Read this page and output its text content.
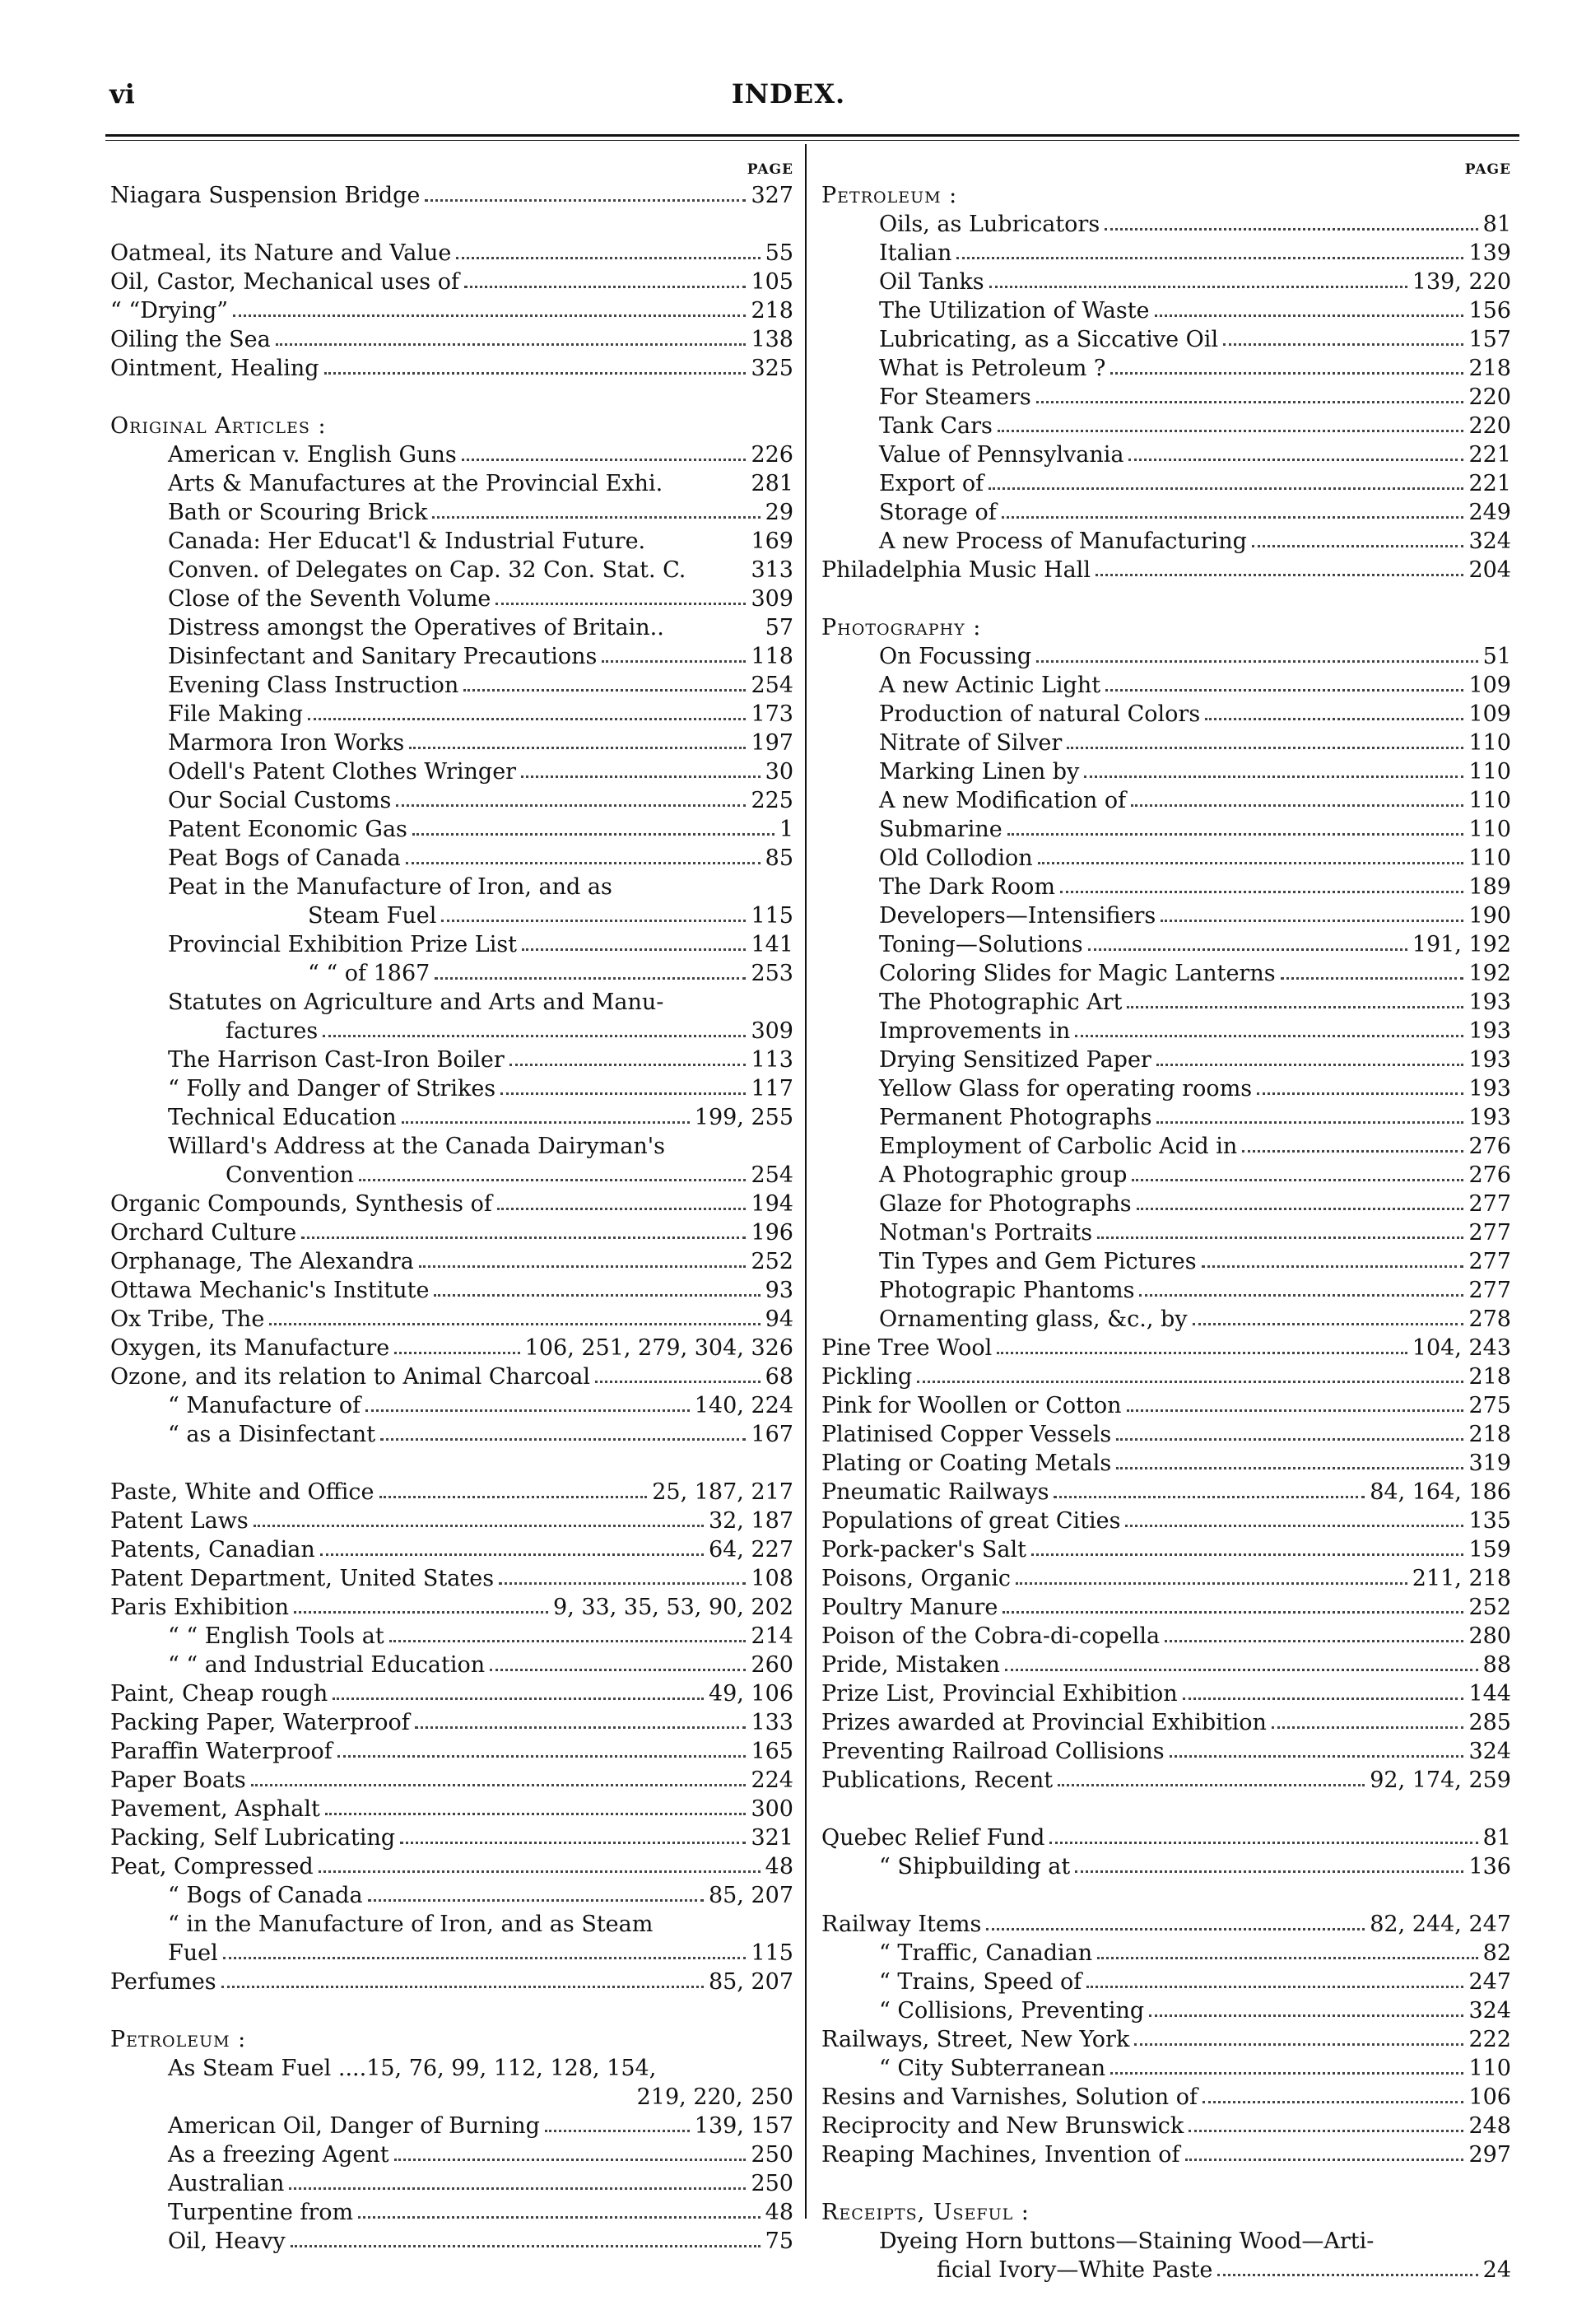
INDEX.
vi
PAGE
Niagara Suspension Bridge	327
Oatmeal, its Nature and Value	55
Oil, Castor, Mechanical uses of	105
“ “Drying”	218
Oiling the Sea	138
Ointment, Healing	325
Original Articles :
American v. English Guns	226
Arts & Manufactures at the Provincial Exhi.	281
Bath or Scouring Brick	29
Canada: Her Educat'l & Industrial Future.	169
Conven. of Delegates on Cap. 32 Con. Stat. C.	313
Close of the Seventh Volume	309
Distress amongst the Operatives of Britain..	57
Disinfectant and Sanitary Precautions	118
Evening Class Instruction	254
File Making	173
Marmora Iron Works	197
Odell's Patent Clothes Wringer	30
Our Social Customs	225
Patent Economic Gas	1
Peat Bogs of Canada	85
Peat in the Manufacture of Iron, and as
Steam Fuel	115
Provincial Exhibition Prize List	141
“ “ of 1867	253
Statutes on Agriculture and Arts and Manu-
factures	309
The Harrison Cast-Iron Boiler	113
“ Folly and Danger of Strikes	117
Technical Education	199, 255
Willard's Address at the Canada Dairyman's
Convention	254
Organic Compounds, Synthesis of	194
Orchard Culture	196
Orphanage, The Alexandra	252
Ottawa Mechanic's Institute	93
Ox Tribe, The	94
Oxygen, its Manufacture	106, 251, 279, 304, 326
Ozone, and its relation to Animal Charcoal	68
“ Manufacture of	140, 224
“ as a Disinfectant	167
Paste, White and Office	25, 187, 217
Patent Laws	32, 187
Patents, Canadian	64, 227
Patent Department, United States	108
Paris Exhibition	9, 33, 35, 53, 90, 202
“ “ English Tools at	214
“ “ and Industrial Education	260
Paint, Cheap rough	49, 106
Packing Paper, Waterproof	133
Paraffin Waterproof	165
Paper Boats	224
Pavement, Asphalt	300
Packing, Self Lubricating	321
Peat, Compressed	48
“ Bogs of Canada	85, 207
“ in the Manufacture of Iron, and as Steam
Fuel	115
Perfumes	85, 207
Petroleum :
As Steam Fuel ....15, 76, 99, 112, 128, 154,
219, 220, 250
American Oil, Danger of Burning	139, 157
As a freezing Agent	250
Australian	250
Turpentine from	48
Oil, Heavy	75
PAGE
Petroleum :
Oils, as Lubricators	81
Italian	139
Oil Tanks	139, 220
The Utilization of Waste	156
Lubricating, as a Siccative Oil	157
What is Petroleum ?	218
For Steamers	220
Tank Cars	220
Value of Pennsylvania	221
Export of	221
Storage of	249
A new Process of Manufacturing	324
Philadelphia Music Hall	204
Photography :
On Focussing	51
A new Actinic Light	109
Production of natural Colors	109
Nitrate of Silver	110
Marking Linen by	110
A new Modification of	110
Submarine	110
Old Collodion	110
The Dark Room	189
Developers—Intensifiers	190
Toning—Solutions	191, 192
Coloring Slides for Magic Lanterns	192
The Photographic Art	193
Improvements in	193
Drying Sensitized Paper	193
Yellow Glass for operating rooms	193
Permanent Photographs	193
Employment of Carbolic Acid in	276
A Photographic group	276
Glaze for Photographs	277
Notman's Portraits	277
Tin Types and Gem Pictures	277
Photograpic Phantoms	277
Ornamenting glass, &c., by	278
Pine Tree Wool	104, 243
Pickling	218
Pink for Woollen or Cotton	275
Platinised Copper Vessels	218
Plating or Coating Metals	319
Pneumatic Railways	84, 164, 186
Populations of great Cities	135
Pork-packer's Salt	159
Poisons, Organic	211, 218
Poultry Manure	252
Poison of the Cobra-di-copella	280
Pride, Mistaken	88
Prize List, Provincial Exhibition	144
Prizes awarded at Provincial Exhibition	285
Preventing Railroad Collisions	324
Publications, Recent	92, 174, 259
Quebec Relief Fund	81
“ Shipbuilding at	136
Railway Items	82, 244, 247
“ Traffic, Canadian	82
“ Trains, Speed of	247
“ Collisions, Preventing	324
Railways, Street, New York	222
“ City Subterranean	110
Resins and Varnishes, Solution of	106
Reciprocity and New Brunswick	248
Reaping Machines, Invention of	297
Receipts, Useful :
Dyeing Horn buttons—Staining Wood—Arti-
ficial Ivory—White Paste	24
